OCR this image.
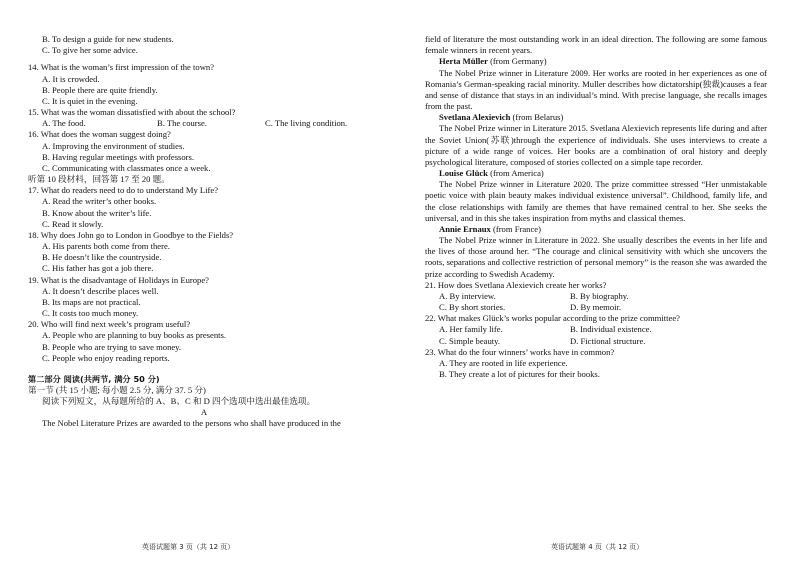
B. To design a guide for new students.

C. To give her some advice.

14. What is the woman’s first impression of the town?

A. It is crowded.

B. People there are quite friendly.

C. It is quiet in the evening.

15. What was the woman dissatisfied with about the school?

A. The food.	B. The course.	C. The living condition.

16. What does the woman suggest doing?

A. Improving the environment of studies.

B. Having regular meetings with professors.

C. Communicating with classmates once a week.

听第 10 段材料，回答第 17 至 20 题。

17. What do readers need to do to understand My Life?

A. Read the writer’s other books.

B. Know about the writer’s life.

C. Read it slowly.

18. Why does John go to London in Goodbye to the Fields?

A. His parents both come from there.

B. He doesn’t like the countryside.

C. His father has got a job there.

19. What is the disadvantage of Holidays in Europe?

A. It doesn’t describe places well.

B. Its maps are not practical.

C. It costs too much money.

20. Who will find next week’s program useful?

A. People who are planning to buy books as presents.

B. People who are trying to save money.

C. People who enjoy reading reports.

第二部分 阅读(共两节, 满分 50 分)

第一节 (共 15 小题; 每小题 2.5 分, 满分 37. 5 分)

阅读下列短文，从每题所给的 A、B、C 和 D 四个选项中选出最佳选项。

A

The Nobel Literature Prizes are awarded to the persons who shall have produced in the

field of literature the most outstanding work in an ideal direction. The following are some famous female winners in recent years.

Herta Müller (from Germany)

The Nobel Prize winner in Literature 2009. Her works are rooted in her experiences as one of Romania’s German-speaking racial minority. Muller describes how dictatorship(独裁)causes a fear and sense of distance that stays in an individual’s mind. With precise language, she recalls images from the past.

Svetlana Alexievich (from Belarus)

The Nobel Prize winner in Literature 2015. Svetlana Alexievich represents life during and after the Soviet Union(苏联)through the experience of individuals. She uses interviews to create a picture of a wide range of voices. Her books are a combination of oral history and deeply psychological literature, composed of stories collected on a simple tape recorder.

Louise Glück (from America)

The Nobel Prize winner in Literature 2020. The prize committee stressed “Her unmistakable poetic voice with plain beauty makes individual existence universal”. Childhood, family life, and the close relationships with family are themes that have remained central to her. She seeks the universal, and in this she takes inspiration from myths and classical themes.

Annie Ernaux (from France)

The Nobel Prize winner in Literature in 2022. She usually describes the events in her life and the lives of those around her. “The courage and clinical sensitivity with which she uncovers the roots, separations and collective restriction of personal memory” is the reason she was awarded the prize according to Swedish Academy.

21. How does Svetlana Alexievich create her works?

A. By interview.	B. By biography.
C. By short stories.	D. By memoir.

22. What makes Glück’s works popular according to the prize committee?

A. Her family life.	B. Individual existence.
C. Simple beauty.	D. Fictional structure.

23. What do the four winners’ works have in common?

A. They are rooted in life experience.

B. They create a lot of pictures for their books.

英语试题第 3 页（共 12 页）	英语试题第 4 页（共 12 页）
